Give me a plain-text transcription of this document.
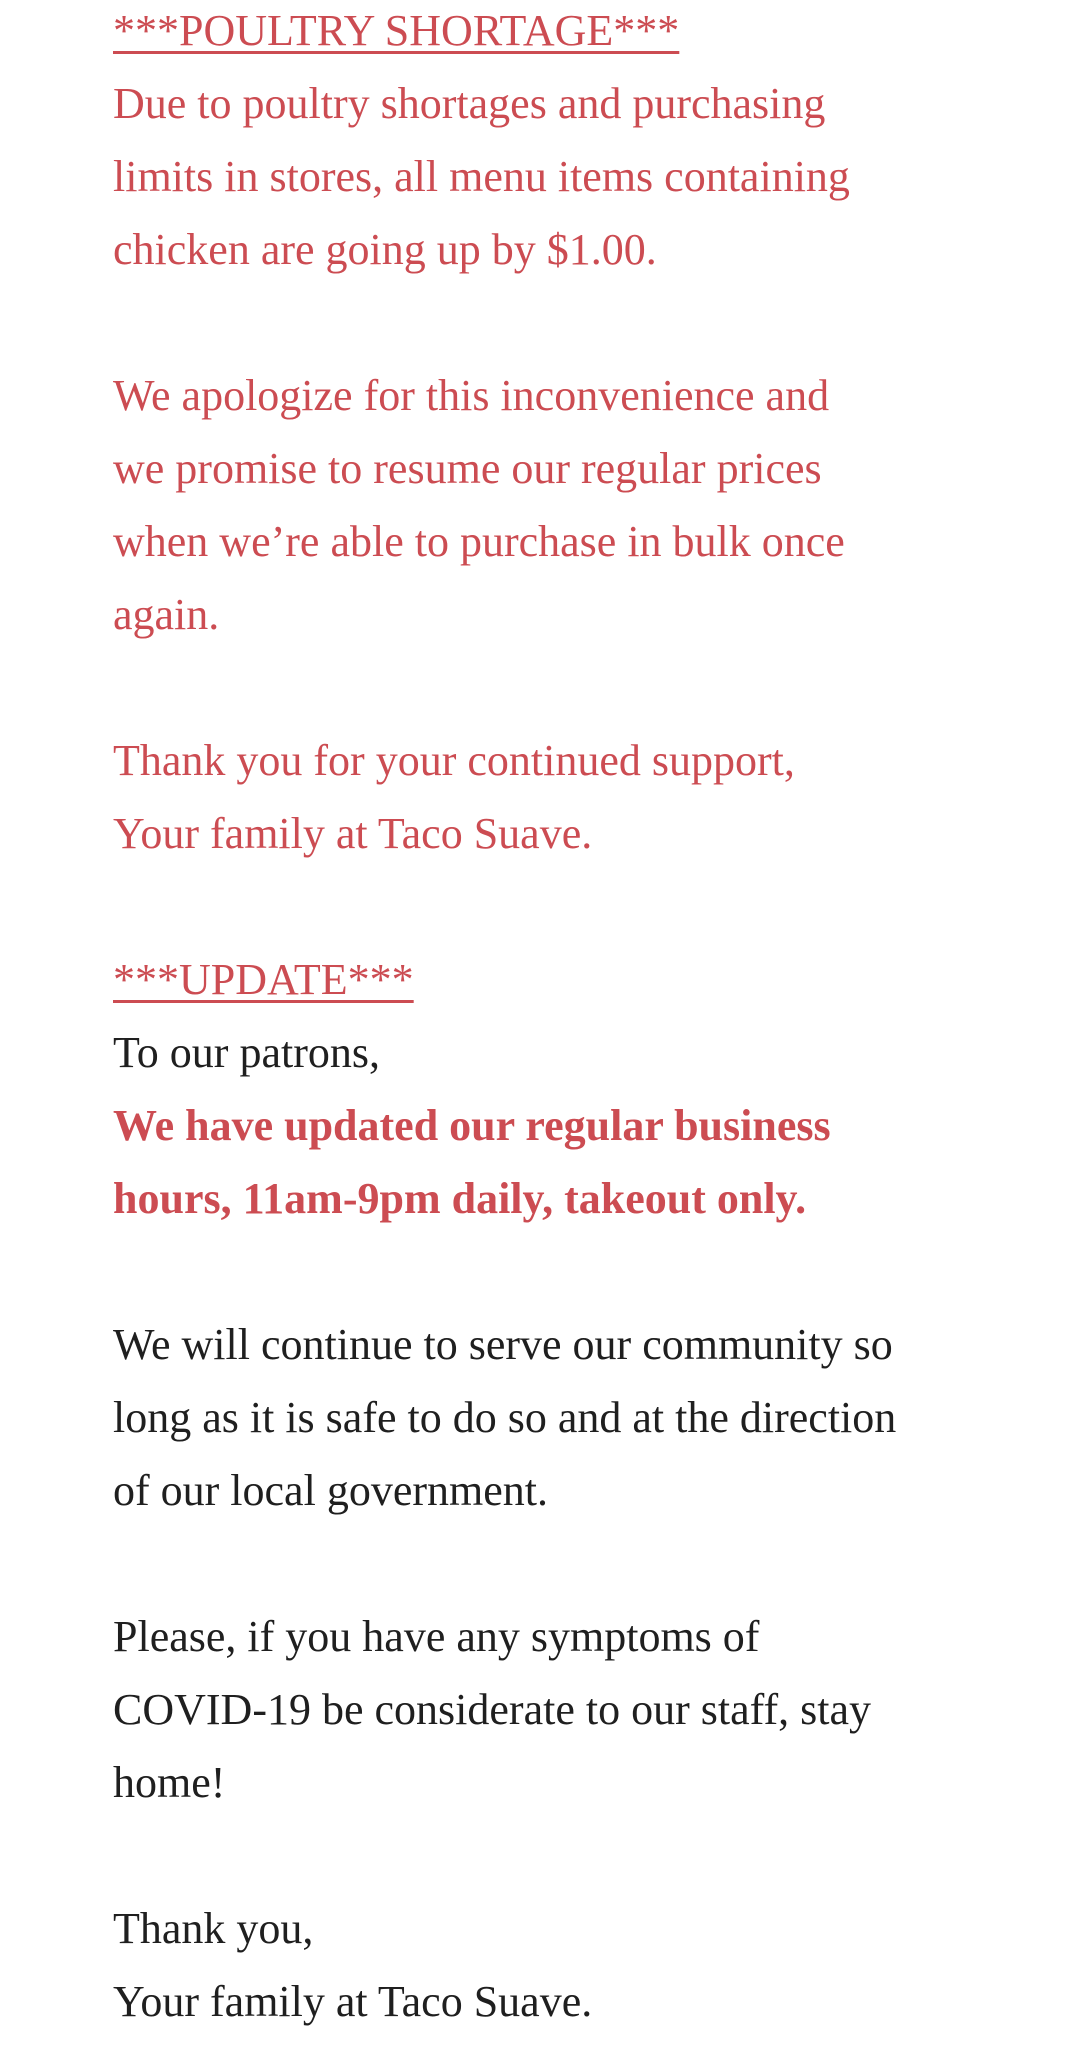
***POULTRY SHORTAGE***

Due to poultry shortages and purchasing
limits in stores, all menu items containing
chicken are going up by $1.00.

We apologize for this inconvenience and
we promise to resume our regular prices
when we’re able to purchase in bulk once
again.

Thank you for your continued support,
Your family at Taco Suave.

***UPDATE***

To our patrons,

We have updated our regular business
hours, 11am-9pm daily, takeout only.

We will continue to serve our community so
long as it is safe to do so and at the direction
of our local government.

Please, if you have any symptoms of
COVID-19 be considerate to our staff, stay
home!

Thank you,
Your family at Taco Suave.
